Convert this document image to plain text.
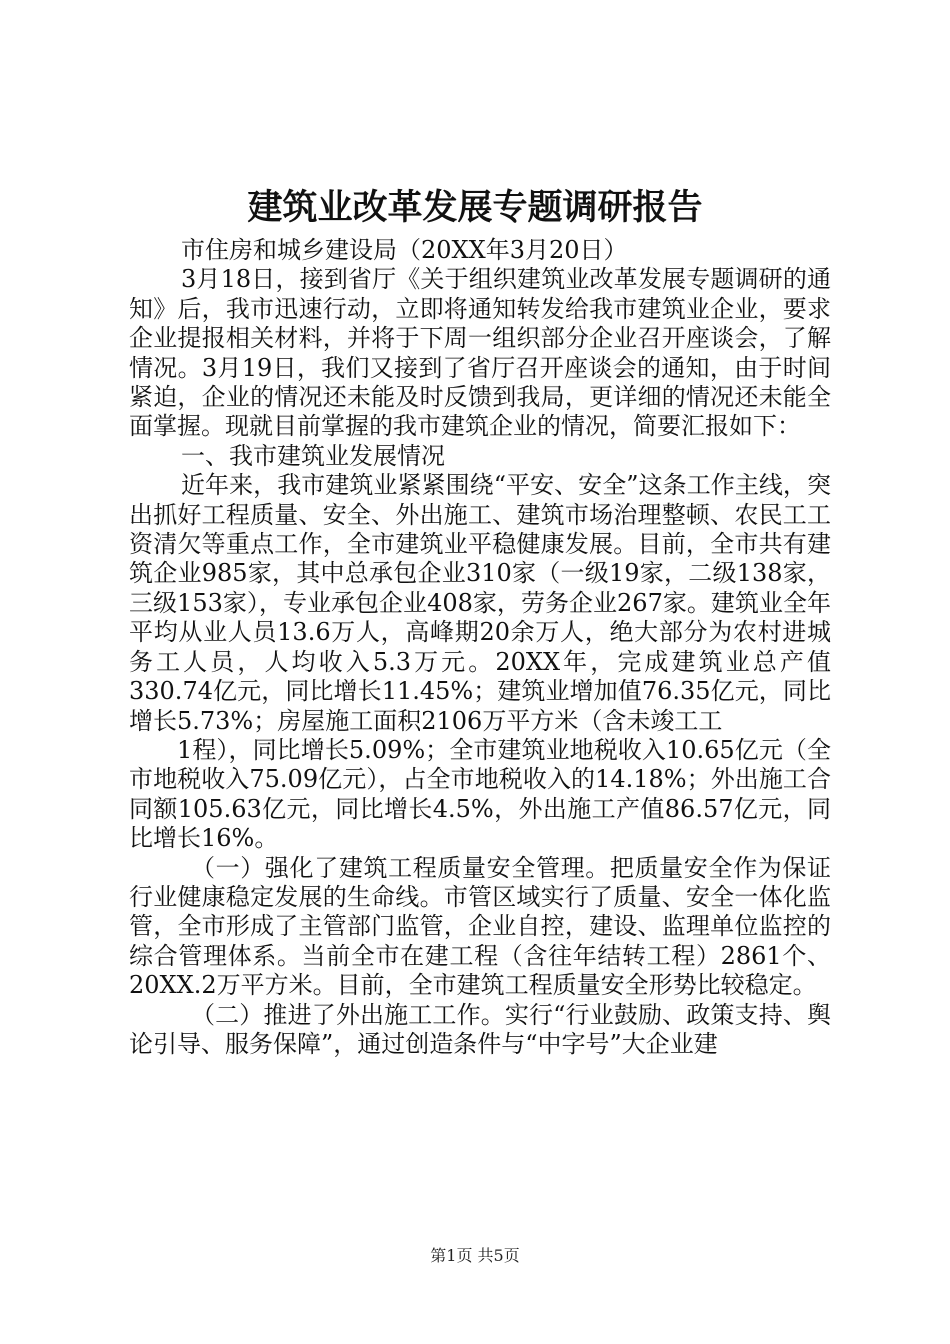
建筑业改革发展专题调研报告

市住房和城乡建设局（20XX年3月20日）

3月18日，接到省厅《关于组织建筑业改革发展专题调研的通知》后，我市迅速行动，立即将通知转发给我市建筑业企业，要求企业提报相关材料，并将于下周一组织部分企业召开座谈会，了解情况。3月19日，我们又接到了省厅召开座谈会的通知，由于时间紧迫，企业的情况还未能及时反馈到我局，更详细的情况还未能全面掌握。现就目前掌握的我市建筑企业的情况，简要汇报如下：

一、我市建筑业发展情况

近年来，我市建筑业紧紧围绕“平安、安全”这条工作主线，突出抓好工程质量、安全、外出施工、建筑市场治理整顿、农民工工资清欠等重点工作，全市建筑业平稳健康发展。目前，全市共有建筑企业985家，其中总承包企业310家（一级19家，二级138家，三级153家），专业承包企业408家，劳务企业267家。建筑业全年平均从业人员13.6万人，高峰期20余万人，绝大部分为农村进城务工人员，人均收入5.3万元。20XX年，完成建筑业总产值330.74亿元，同比增长11.45%；建筑业增加值76.35亿元，同比增长5.73%；房屋施工面积2106万平方米（含未竣工工

1程），同比增长5.09%；全市建筑业地税收入10.65亿元（全市地税收入75.09亿元），占全市地税收入的14.18%；外出施工合同额105.63亿元，同比增长4.5%，外出施工产值86.57亿元，同比增长16%。

（一）强化了建筑工程质量安全管理。把质量安全作为保证行业健康稳定发展的生命线。市管区域实行了质量、安全一体化监管，全市形成了主管部门监管，企业自控，建设、监理单位监控的综合管理体系。当前全市在建工程（含往年结转工程）2861个、20XX.2万平方米。目前，全市建筑工程质量安全形势比较稳定。

（二）推进了外出施工工作。实行“行业鼓励、政策支持、舆论引导、服务保障”，通过创造条件与“中字号”大企业建

第1页 共5页
